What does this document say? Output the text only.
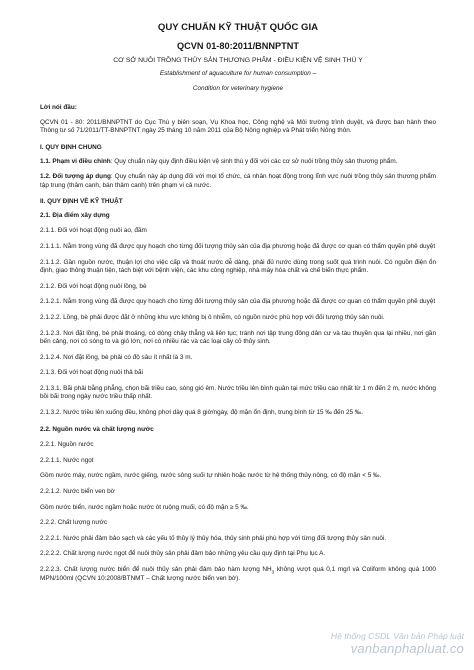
QUY CHUẨN KỸ THUẬT QUỐC GIA
QCVN 01-80:2011/BNNPTNT
CƠ SỞ NUÔI TRỒNG THỦY SẢN THƯƠNG PHẨM - ĐIỀU KIỆN VỆ SINH THÚ Y
Establishment of aquaculture for human consumption –
Condition for veterinary hygiene

Lời nói đầu:

QCVN 01 - 80: 2011/BNNPTNT do Cục Thú y biên soạn, Vụ Khoa học, Công nghệ và Môi trường trình duyệt, và được ban hành theo Thông tư số 71/2011/TT-BNNPTNT ngày 25 tháng 10 năm 2011 của Bộ Nông nghiệp và Phát triển Nông thôn.

I. QUY ĐỊNH CHUNG

1.1. Phạm vi điều chỉnh: Quy chuẩn này quy định điều kiện vệ sinh thú y đối với các cơ sở nuôi trồng thủy sản thương phẩm.

1.2. Đối tượng áp dụng: Quy chuẩn này áp dụng đối với mọi tổ chức, cá nhân hoạt động trong lĩnh vực nuôi trồng thủy sản thương phẩm tập trung (thâm canh, bán thâm canh) trên phạm vi cả nước.

II. QUY ĐỊNH VỀ KỸ THUẬT

2.1. Địa điểm xây dựng

2.1.1. Đối với hoạt động nuôi ao, đầm

2.1.1.1. Nằm trong vùng đã được quy hoạch cho từng đối tượng thủy sản của địa phương hoặc đã được cơ quan có thẩm quyền phê duyệt

2.1.1.2. Gần nguồn nước, thuận lợi cho việc cấp và thoát nước dễ dàng, phải đủ nước dùng trong suốt quá trình nuôi. Có nguồn điện ổn định, giao thông thuận tiện, tách biệt với bệnh viện, các khu công nghiệp, nhà máy hóa chất và chế biến thực phẩm.

2.1.2. Đối với hoạt động nuôi lồng, bè

2.1.2.1. Nằm trong vùng đã được quy hoạch cho từng đối tượng thủy sản của địa phương hoặc đã được cơ quan có thẩm quyền phê duyệt

2.1.2.2. Lồng, bè phải được đặt ở những khu vực không bị ô nhiễm, có nguồn nước phù hợp với đối tượng thủy sản nuôi.

2.1.2.3. Nơi đặt lồng, bè phải thoáng, có dòng chảy thẳng và liên tục; tránh nơi tập trung đông dân cư và tàu thuyền qua lại nhiều, nơi gần bến cảng, nơi có sóng to và gió lớn, nơi có nhiều rác và các loại cây cỏ thủy sinh.

2.1.2.4. Nơi đặt lồng, bè phải có độ sâu ít nhất là 3 m.

2.1.3. Đối với hoạt động nuôi thả bãi

2.1.3.1. Bãi phải bằng phẳng, chọn bãi triều cao, sóng gió êm. Nước triều lên bình quân tại mức triều cao nhất từ 1 m đến 2 m, nước không bồi bãi trong ngày nước triều thấp nhất.

2.1.3.2. Nước triều lên xuống đều, không phơi dày quá 8 giờ/ngày, độ mặn ổn định, trung bình từ 15 ‰ đến 25 ‰.

2.2. Nguồn nước và chất lượng nước

2.2.1. Nguồn nước

2.2.1.1. Nước ngọt

Gồm nước máy, nước ngầm, nước giếng, nước sông suối tự nhiên hoặc nước từ hệ thống thủy nông, có độ mặn < 5 ‰.

2.2.1.2. Nước biển ven bờ

Gồm nước biển, nước ngầm hoặc nước ót ruộng muối, có độ mặn ≥ 5 ‰.

2.2.2. Chất lượng nước

2.2.2.1. Nước phải đảm bảo sạch và các yếu tố thủy lý thủy hóa, thủy sinh phải phù hợp với từng đối tượng thủy sản nuôi.

2.2.2.2. Chất lượng nước ngọt để nuôi thủy sản phải đảm bảo những yêu cầu quy định tại Phụ lục A.

2.2.2.3. Chất lượng nước biển để nuôi thủy sản phải đảm bảo hàm lượng $NH_3$ không vượt quá 0,1 mg/l và Coliform không quá 1000 MPN/100ml (QCVN 10:2008/BTNMT – Chất lượng nước biển ven bờ).

Hệ thống CSDL Văn bản Pháp luật
vanbanphapluat.co
